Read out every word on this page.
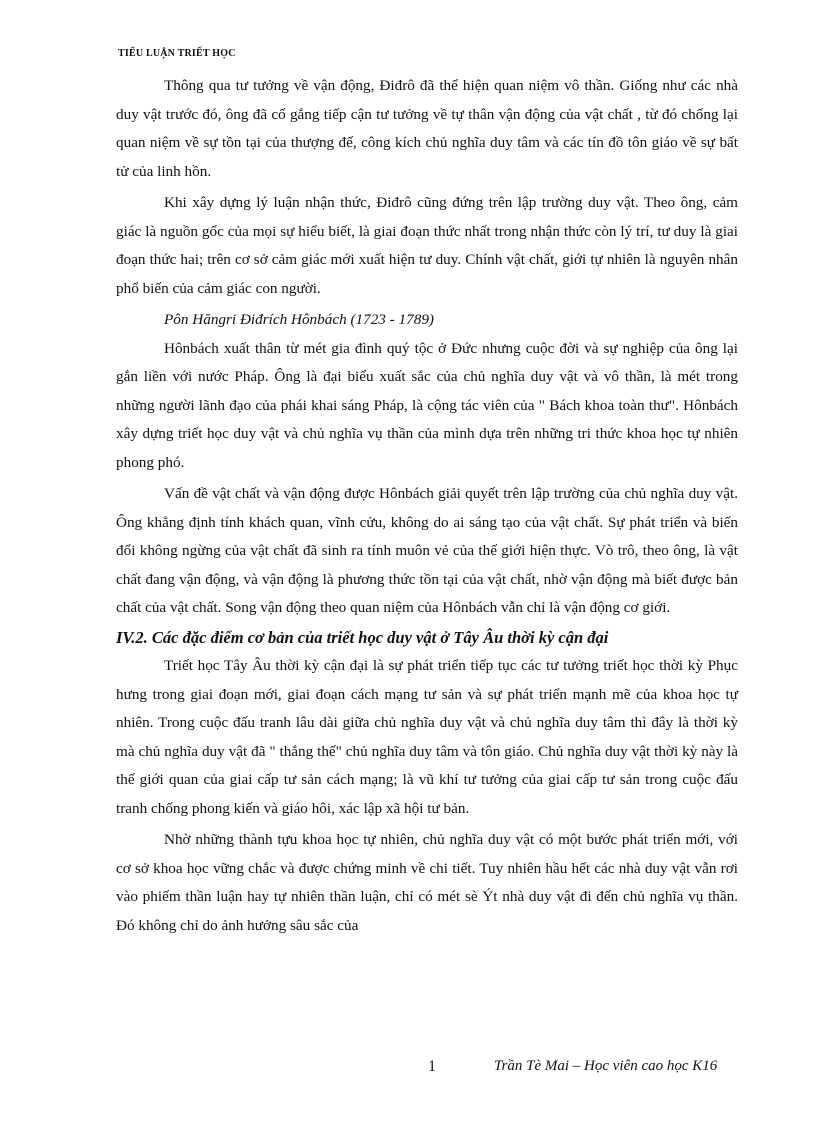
TIỂU LUẬN TRIẾT HỌC

Thông qua tư tưởng về vận động, Điđrô đã thể hiện quan niệm vô thần. Giống như các nhà duy vật trước đó, ông đã cố gắng tiếp cận tư tưởng về tự thân vận động của vật chất , từ đó chống lại quan niệm về sự tồn tại của thượng đế, công kích chủ nghĩa duy tâm và các tín đồ tôn giáo về sự bất tử của linh hồn.

Khi xây dựng lý luận nhận thức, Điđrô cũng đứng trên lập trường duy vật. Theo ông, cảm giác là nguồn gốc của mọi sự hiểu biết, là giai đoạn thức nhất trong nhận thức còn lý trí, tư duy là giai đoạn thức hai; trên cơ sở cảm giác mới xuất hiện tư duy. Chính vật chất, giới tự nhiên là nguyên nhân phổ biến của cảm giác con người.

Pôn Hăngri Điđrích Hônbách (1723 - 1789)

Hônbách xuất thân từ mét gia đình quý tộc ở Đức nhưng cuộc đời và sự nghiệp của ông lại gắn liền với nước Pháp. Ông là đại biểu xuất sắc của chủ nghĩa duy vật và vô thần, là mét trong những người lãnh đạo của phái khai sáng Pháp, là cộng tác viên của " Bách khoa toàn thư". Hônbách xây dựng triết học duy vật và chủ nghĩa vụ thần của mình dựa trên những tri thức khoa học tự nhiên phong phó.

Vấn đề vật chất và vận động được Hônbách giải quyết trên lập trường của chủ nghĩa duy vật. Ông khẳng định tính khách quan, vĩnh cửu, không do ai sáng tạo của vật chất. Sự phát triển và biến đổi không ngừng của vật chất đã sinh ra tính muôn vẻ của thế giới hiện thực. Vò trô, theo ông, là vật chất đang vận động, và vận động là phương thức tồn tại của vật chất, nhờ vận động mà biết được bản chất của vật chất. Song vận động theo quan niệm của Hônbách vẫn chỉ là vận động cơ giới.

IV.2. Các đặc điểm cơ bản của triết học duy vật ở Tây Âu thời kỳ cận đại

Triết học Tây Âu thời kỳ cận đại là sự phát triển tiếp tục các tư tưởng triết học thời kỳ Phục hưng trong giai đoạn mới, giai đoạn cách mạng tư sản và sự phát triển mạnh mẽ của khoa học tự nhiên. Trong cuộc đấu tranh lâu dài giữa chủ nghĩa duy vật và chủ nghĩa duy tâm thì đây là thời kỳ mà chủ nghĩa duy vật đã " thắng thế" chủ nghĩa duy tâm và tôn giáo. Chủ nghĩa duy vật thời kỳ này là thế giới quan của giai cấp tư sản cách mạng; là vũ khí tư tưởng của giai cấp tư sản trong cuộc đấu tranh chống phong kiến và giáo hôi, xác lập xã hội tư bản.

Nhờ những thành tựu khoa học tự nhiên, chủ nghĩa duy vật có một bước phát triển mới, với cơ sở khoa học vững chắc và được chứng minh về chi tiết. Tuy nhiên hầu hết các nhà duy vật vẫn rơi vào phiếm thần luận hay tự nhiên thần luận, chỉ có mét sè Ýt nhà duy vật đi đến chủ nghĩa vụ thần. Đó không chỉ do ảnh hưởng sâu sắc của

1	Trần Tè Mai – Học viên cao học K16
